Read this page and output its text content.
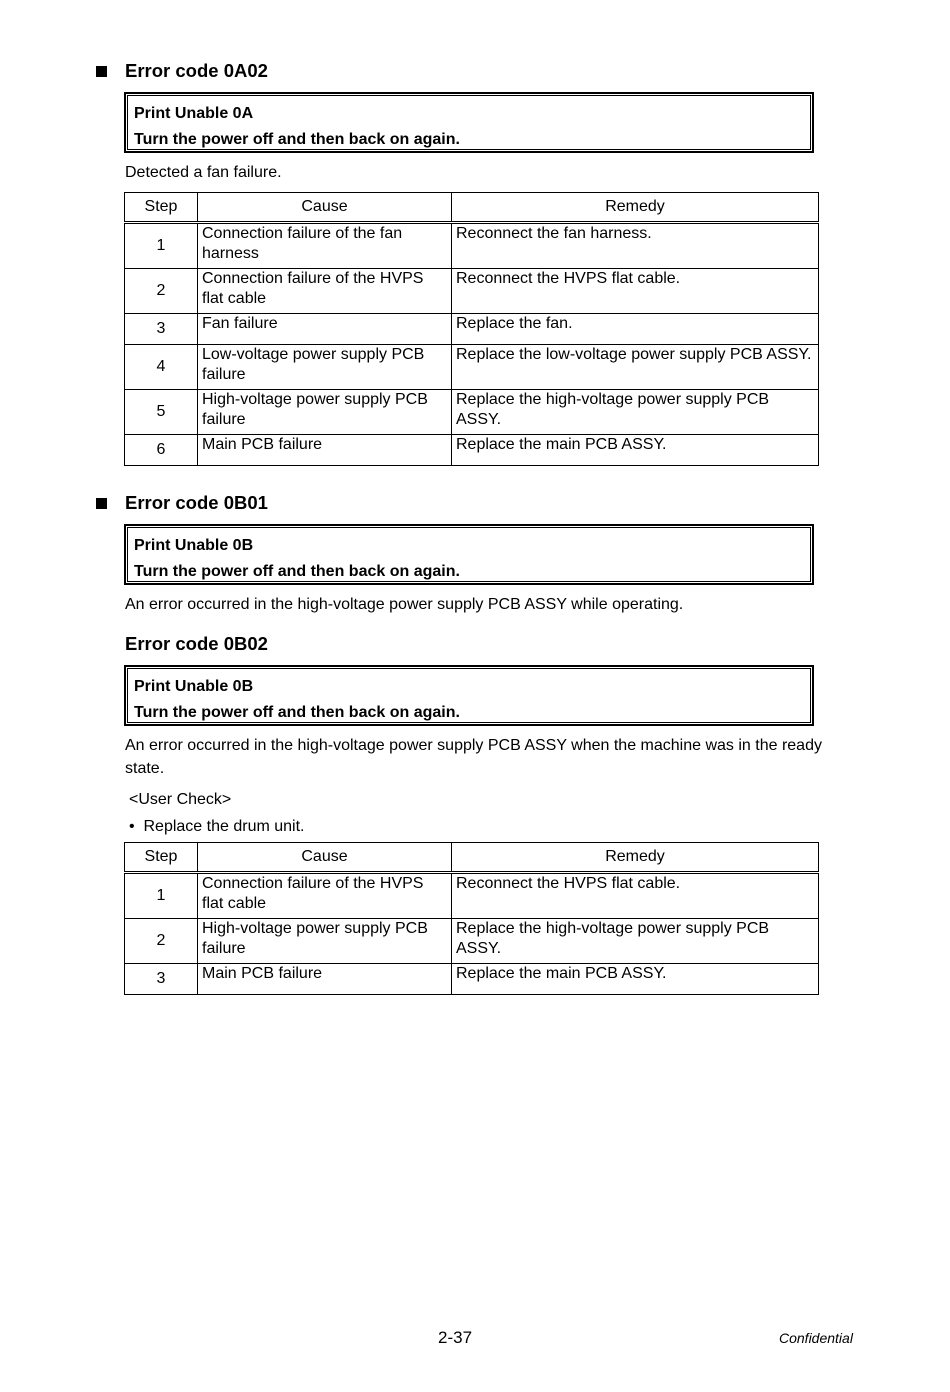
Error code 0A02
Print Unable 0A
Turn the power off and then back on again.
Detected a fan failure.
Step	Cause	Remedy
1	Connection failure of the fan harness	Reconnect the fan harness.
2	Connection failure of the HVPS flat cable	Reconnect the HVPS flat cable.
3	Fan failure	Replace the fan.
4	Low-voltage power supply PCB failure	Replace the low-voltage power supply PCB ASSY.
5	High-voltage power supply PCB failure	Replace the high-voltage power supply PCB ASSY.
6	Main PCB failure	Replace the main PCB ASSY.
Error code 0B01
Print Unable 0B
Turn the power off and then back on again.
An error occurred in the high-voltage power supply PCB ASSY while operating.
Error code 0B02
Print Unable 0B
Turn the power off and then back on again.
An error occurred in the high-voltage power supply PCB ASSY when the machine was in the ready state.
<User Check>
•  Replace the drum unit.
Step	Cause	Remedy
1	Connection failure of the HVPS flat cable	Reconnect the HVPS flat cable.
2	High-voltage power supply PCB failure	Replace the high-voltage power supply PCB ASSY.
3	Main PCB failure	Replace the main PCB ASSY.
2-37	Confidential
